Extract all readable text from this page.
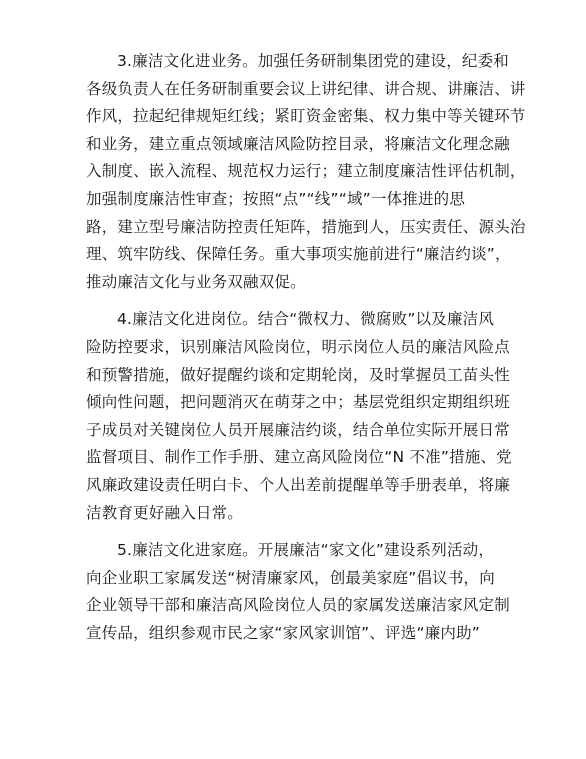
3.廉洁文化进业务。加强任务研制集团党的建设，纪委和
各级负责人在任务研制重要会议上讲纪律、讲合规、讲廉洁、讲
作风，拉起纪律规矩红线；紧盯资金密集、权力集中等关键环节
和业务，建立重点领域廉洁风险防控目录，将廉洁文化理念融
入制度、嵌入流程、规范权力运行；建立制度廉洁性评估机制，
加强制度廉洁性审查；按照“点”“线”“域”一体推进的思
路，建立型号廉洁防控责任矩阵，措施到人，压实责任、源头治
理、筑牢防线、保障任务。重大事项实施前进行“廉洁约谈”，
推动廉洁文化与业务双融双促。
4.廉洁文化进岗位。结合“微权力、微腐败”以及廉洁风
险防控要求，识别廉洁风险岗位，明示岗位人员的廉洁风险点
和预警措施，做好提醒约谈和定期轮岗，及时掌握员工苗头性
倾向性问题，把问题消灭在萌芽之中；基层党组织定期组织班
子成员对关键岗位人员开展廉洁约谈，结合单位实际开展日常
监督项目、制作工作手册、建立高风险岗位“N 不准”措施、党
风廉政建设责任明白卡、个人出差前提醒单等手册表单，将廉
洁教育更好融入日常。
5.廉洁文化进家庭。开展廉洁“家文化”建设系列活动，
向企业职工家属发送“树清廉家风，创最美家庭”倡议书，向
企业领导干部和廉洁高风险岗位人员的家属发送廉洁家风定制
宣传品，组织参观市民之家“家风家训馆”、评选“廉内助”
